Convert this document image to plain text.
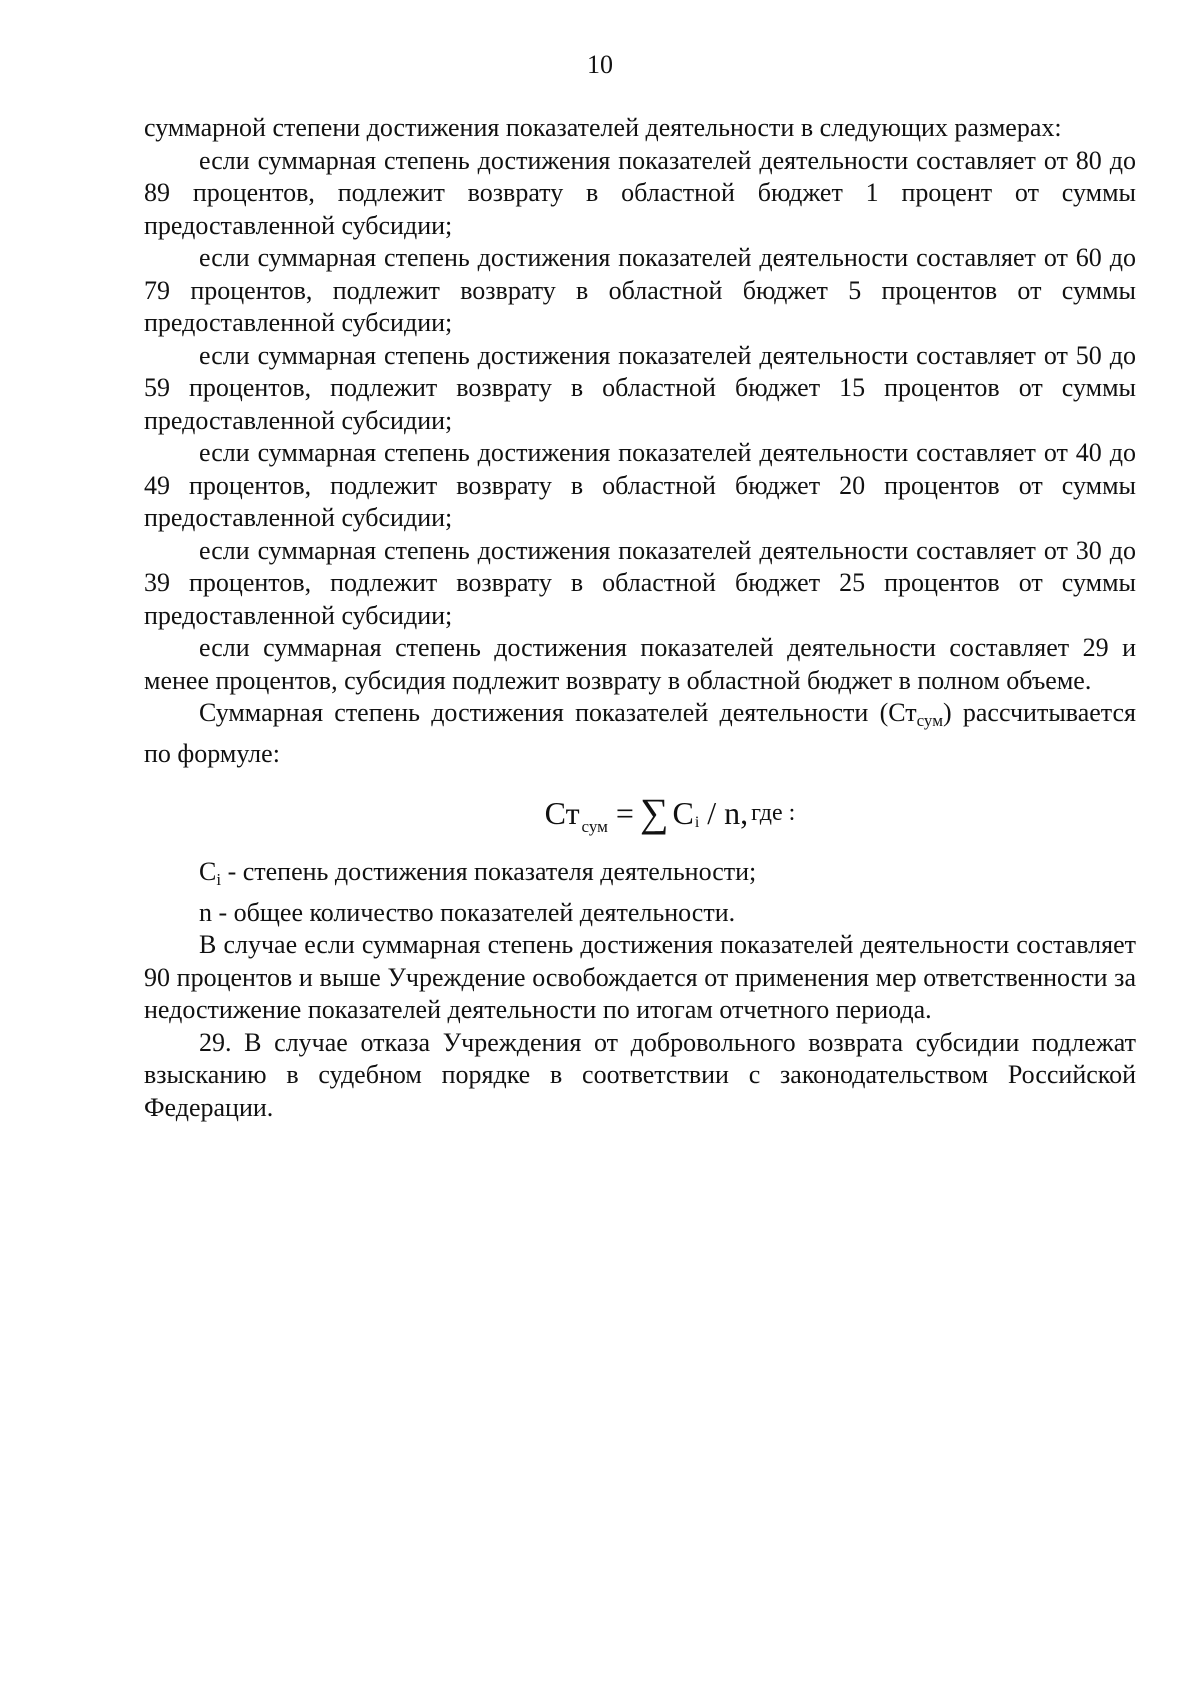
10

суммарной степени достижения показателей деятельности в следующих размерах:

если суммарная степень достижения показателей деятельности составляет от 80 до 89 процентов, подлежит возврату в областной бюджет 1 процент от суммы предоставленной субсидии;

если суммарная степень достижения показателей деятельности составляет от 60 до 79 процентов, подлежит возврату в областной бюджет 5 процентов от суммы предоставленной субсидии;

если суммарная степень достижения показателей деятельности составляет от 50 до 59 процентов, подлежит возврату в областной бюджет 15 процентов от суммы предоставленной субсидии;

если суммарная степень достижения показателей деятельности составляет от 40 до 49 процентов, подлежит возврату в областной бюджет 20 процентов от суммы предоставленной субсидии;

если суммарная степень достижения показателей деятельности составляет от 30 до 39 процентов, подлежит возврату в областной бюджет 25 процентов от суммы предоставленной субсидии;

если суммарная степень достижения показателей деятельности составляет 29 и менее процентов, субсидия подлежит возврату в областной бюджет в полном объеме.

Суммарная степень достижения показателей деятельности (Стсум) рассчитывается по формуле:

Ст сум = ∑ C i / n, где :

Ci - степень достижения показателя деятельности;

n - общее количество показателей деятельности.

В случае если суммарная степень достижения показателей деятельности составляет 90 процентов и выше Учреждение освобождается от применения мер ответственности за недостижение показателей деятельности по итогам отчетного периода.

29. В случае отказа Учреждения от добровольного возврата субсидии подлежат взысканию в судебном порядке в соответствии с законодательством Российской Федерации.
